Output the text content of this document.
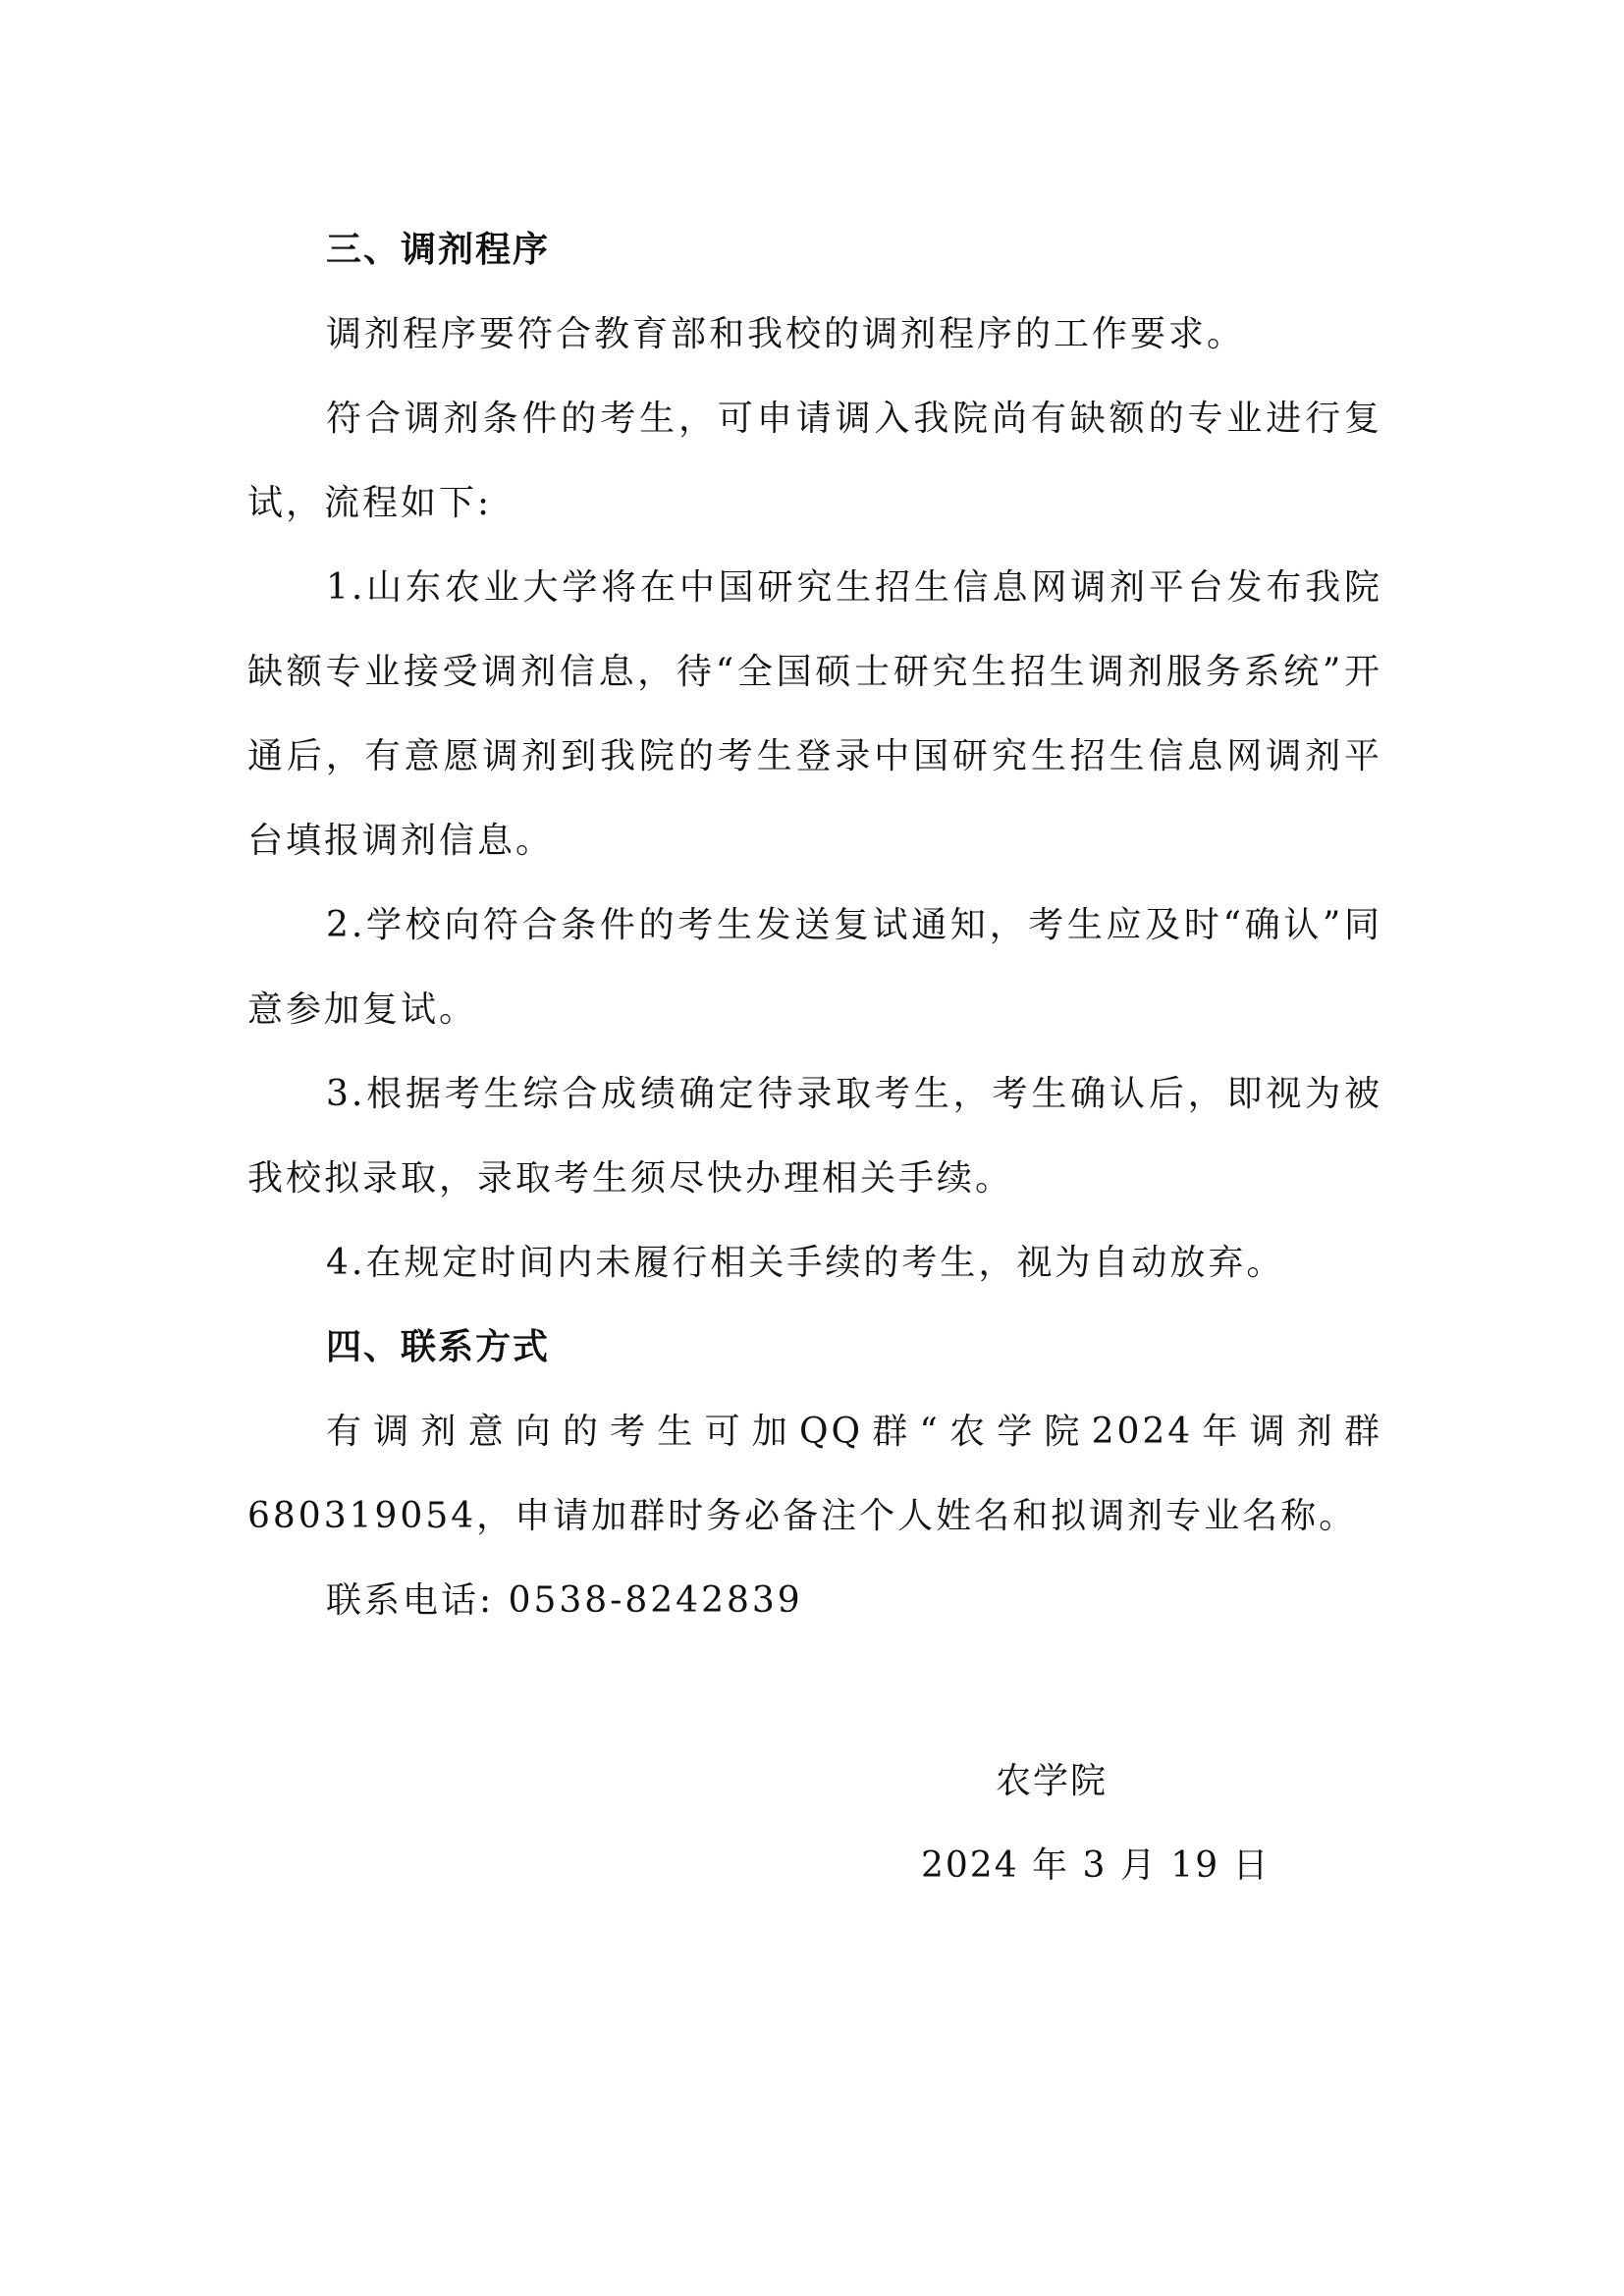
三、调剂程序

调剂程序要符合教育部和我校的调剂程序的工作要求。

符合调剂条件的考生，可申请调入我院尚有缺额的专业进行复试，流程如下:

1.山东农业大学将在中国研究生招生信息网调剂平台发布我院缺额专业接受调剂信息，待“全国硕士研究生招生调剂服务系统”开通后，有意愿调剂到我院的考生登录中国研究生招生信息网调剂平台填报调剂信息。

2.学校向符合条件的考生发送复试通知，考生应及时“确认”同意参加复试。

3.根据考生综合成绩确定待录取考生，考生确认后，即视为被我校拟录取，录取考生须尽快办理相关手续。

4.在规定时间内未履行相关手续的考生，视为自动放弃。

四、联系方式

有调剂意向的考生可加QQ群“农学院2024年调剂群 680319054，申请加群时务必备注个人姓名和拟调剂专业名称。

联系电话: 0538-8242839

农学院
2024 年 3 月 19 日
